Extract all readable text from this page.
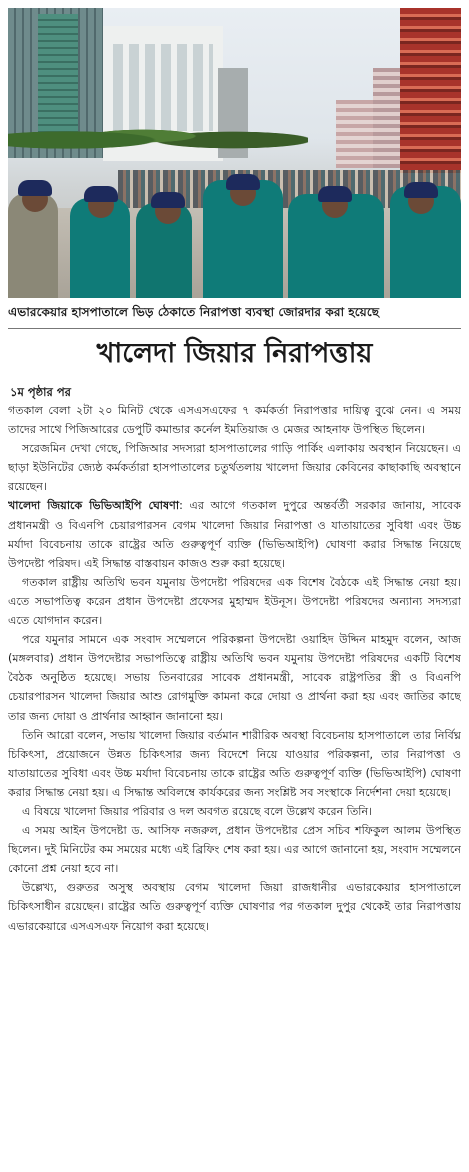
এভারকেয়ার হাসপাতালে ভিড় ঠেকাতে নিরাপত্তা ব্যবস্থা জোরদার করা হয়েছে
খালেদা জিয়ার নিরাপত্তায়
১ম পৃষ্ঠার পর

গতকাল বেলা ২টা ২০ মিনিট থেকে এসএসএফের ৭ কর্মকর্তা নিরাপত্তার দায়িত্ব বুঝে নেন। এ সময় তাদের সাথে পিজিআরের ডেপুটি কমান্ডার কর্নেল ইমতিয়াজ ও মেজর আহনাফ উপস্থিত ছিলেন।

সরেজমিন দেখা গেছে, পিজিআর সদস্যরা হাসপাতালের গাড়ি পার্কিং এলাকায় অবস্থান নিয়েছেন। এ ছাড়া ইউনিটের জ্যেষ্ঠ কর্মকর্তারা হাসপাতালের চতুর্থতলায় খালেদা জিয়ার কেবিনের কাছাকাছি অবস্থানে রয়েছেন।

খালেদা জিয়াকে ভিভিআইপি ঘোষণা: এর আগে গতকাল দুপুরে অন্তর্বর্তী সরকার জানায়, সাবেক প্রধানমন্ত্রী ও বিএনপি চেয়ারপারসন বেগম খালেদা জিয়ার নিরাপত্তা ও যাতায়াতের সুবিধা এবং উচ্চ মর্যাদা বিবেচনায় তাকে রাষ্ট্রের অতি গুরুত্বপূর্ণ ব্যক্তি (ভিভিআইপি) ঘোষণা করার সিদ্ধান্ত নিয়েছে উপদেষ্টা পরিষদ। এই সিদ্ধান্ত বাস্তবায়ন কাজও শুরু করা হয়েছে।

গতকাল রাষ্ট্রীয় অতিথি ভবন যমুনায় উপদেষ্টা পরিষদের এক বিশেষ বৈঠকে এই সিদ্ধান্ত নেয়া হয়। এতে সভাপতিত্ব করেন প্রধান উপদেষ্টা প্রফেসর মুহাম্মদ ইউনূস। উপদেষ্টা পরিষদের অন্যান্য সদস্যরা এতে যোগদান করেন।

পরে যমুনার সামনে এক সংবাদ সম্মেলনে পরিকল্পনা উপদেষ্টা ওয়াহিদ উদ্দিন মাহমুদ বলেন, আজ (মঙ্গলবার) প্রধান উপদেষ্টার সভাপতিত্বে রাষ্ট্রীয় অতিথি ভবন যমুনায় উপদেষ্টা পরিষদের একটি বিশেষ বৈঠক অনুষ্ঠিত হয়েছে। সভায় তিনবারের সাবেক প্রধানমন্ত্রী, সাবেক রাষ্ট্রপতির স্ত্রী ও বিএনপি চেয়ারপারসন খালেদা জিয়ার আশু রোগমুক্তি কামনা করে দোয়া ও প্রার্থনা করা হয় এবং জাতির কাছে তার জন্য দোয়া ও প্রার্থনার আহ্বান জানানো হয়।

তিনি আরো বলেন, সভায় খালেদা জিয়ার বর্তমান শারীরিক অবস্থা বিবেচনায় হাসপাতালে তার নির্বিঘ্ন চিকিৎসা, প্রয়োজনে উন্নত চিকিৎসার জন্য বিদেশে নিয়ে যাওয়ার পরিকল্পনা, তার নিরাপত্তা ও যাতায়াতের সুবিধা এবং উচ্চ মর্যাদা বিবেচনায় তাকে রাষ্ট্রের অতি গুরুত্বপূর্ণ ব্যক্তি (ভিভিআইপি) ঘোষণা করার সিদ্ধান্ত নেয়া হয়। এ সিদ্ধান্ত অবিলম্বে কার্যকরের জন্য সংশ্লিষ্ট সব সংস্থাকে নির্দেশনা দেয়া হয়েছে।

এ বিষয়ে খালেদা জিয়ার পরিবার ও দল অবগত রয়েছে বলে উল্লেখ করেন তিনি।

এ সময় আইন উপদেষ্টা ড. আসিফ নজরুল, প্রধান উপদেষ্টার প্রেস সচিব শফিকুল আলম উপস্থিত ছিলেন। দুই মিনিটের কম সময়ের মধ্যে এই ব্রিফিং শেষ করা হয়। এর আগে জানানো হয়, সংবাদ সম্মেলনে কোনো প্রশ্ন নেয়া হবে না।

উল্লেখ্য, গুরুতর অসুস্থ অবস্থায় বেগম খালেদা জিয়া রাজধানীর এভারকেয়ার হাসপাতালে চিকিৎসাধীন রয়েছেন। রাষ্ট্রের অতি গুরুত্বপূর্ণ ব্যক্তি ঘোষণার পর গতকাল দুপুর থেকেই তার নিরাপত্তায় এভারকেয়ারে এসএসএফ নিয়োগ করা হয়েছে।
